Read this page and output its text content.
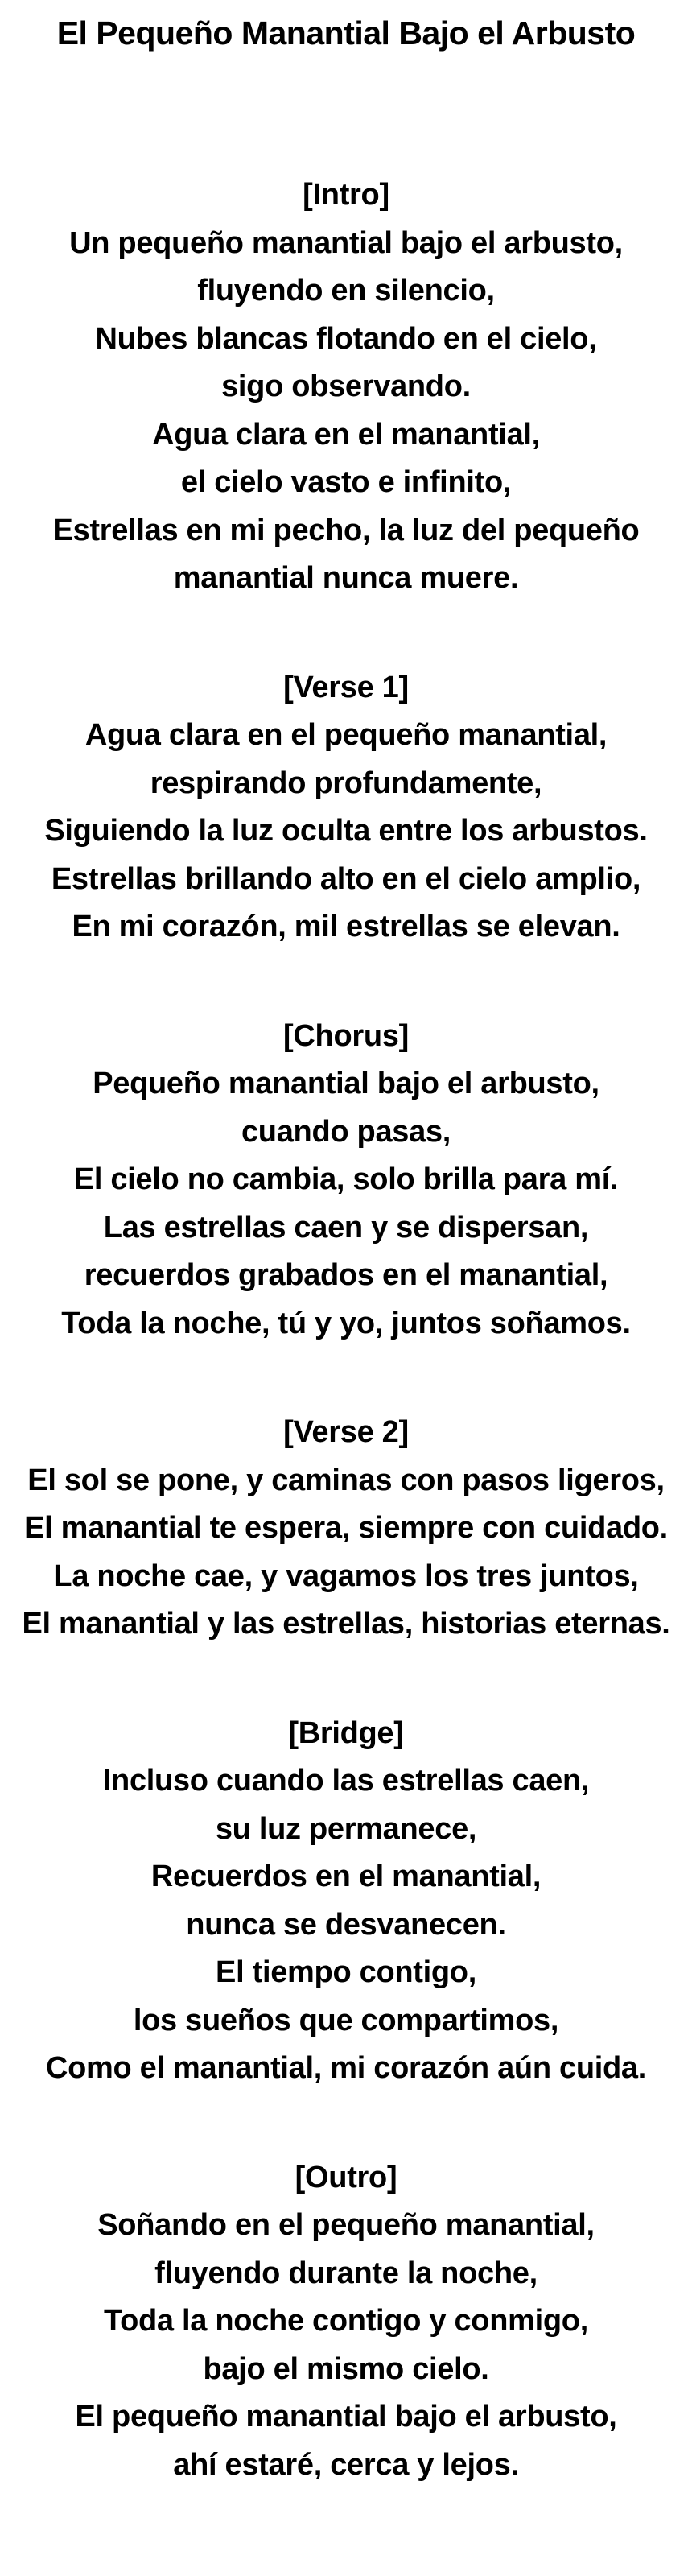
El Pequeño Manantial Bajo el Arbusto
[Intro]
Un pequeño manantial bajo el arbusto,
fluyendo en silencio,
Nubes blancas flotando en el cielo,
sigo observando.
Agua clara en el manantial,
el cielo vasto e infinito,
Estrellas en mi pecho, la luz del pequeño
manantial nunca muere.
[Verse 1]
Agua clara en el pequeño manantial,
respirando profundamente,
Siguiendo la luz oculta entre los arbustos.
Estrellas brillando alto en el cielo amplio,
En mi corazón, mil estrellas se elevan.
[Chorus]
Pequeño manantial bajo el arbusto,
cuando pasas,
El cielo no cambia, solo brilla para mí.
Las estrellas caen y se dispersan,
recuerdos grabados en el manantial,
Toda la noche, tú y yo, juntos soñamos.
[Verse 2]
El sol se pone, y caminas con pasos ligeros,
El manantial te espera, siempre con cuidado.
La noche cae, y vagamos los tres juntos,
El manantial y las estrellas, historias eternas.
[Bridge]
Incluso cuando las estrellas caen,
su luz permanece,
Recuerdos en el manantial,
nunca se desvanecen.
El tiempo contigo,
los sueños que compartimos,
Como el manantial, mi corazón aún cuida.
[Outro]
Soñando en el pequeño manantial,
fluyendo durante la noche,
Toda la noche contigo y conmigo,
bajo el mismo cielo.
El pequeño manantial bajo el arbusto,
ahí estaré, cerca y lejos.
